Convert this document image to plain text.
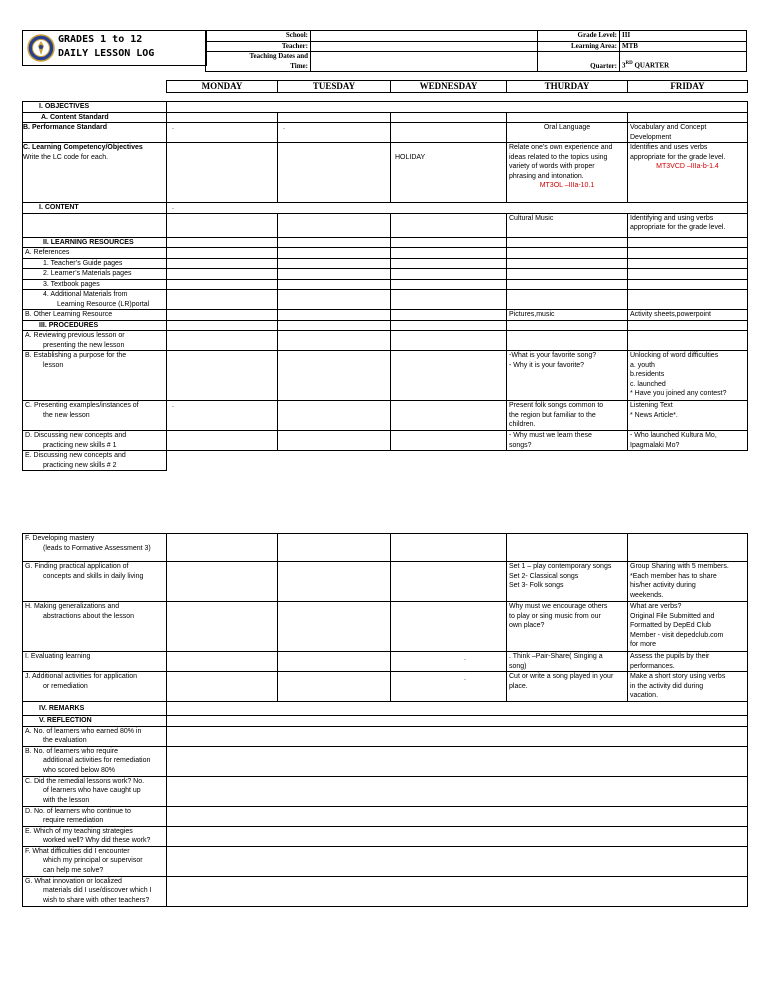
GRADES 1 to 12
DAILY LESSON LOG
School:		Grade Level:	III
Teacher:		Learning Area:	MTB
Teaching Dates and
Time:		Quarter:	3RD QUARTER
MONDAY	TUESDAY	WEDNESDAY	THURDAY	FRIDAY
I. OBJECTIVES					
A. Content Standard					
B. Performance Standard	.	.		Oral Language	Vocabulary and Concept
Development
C. Learning Competency/Objectives
Write the LC code for each.			HOLIDAY	Relate one’s own experience and
ideas related to the topics using
variety of words with proper
phrasing and intonation.

MT3OL –IIIa-10.1	Identifies and uses verbs
appropriate for the grade level.

MT3VCD –IIIa-b-1.4

I. CONTENT	.				
				Cultural Music	Identifying and using verbs
appropriate for the grade level.
II. LEARNING RESOURCES					
A. References					
1. Teacher’s Guide pages					
2. Learner’s Materials pages					
3. Textbook pages					
4. Additional Materials from
Learning Resource (LR)portal					
B. Other Learning Resource				Pictures,music	Activity sheets,powerpoint
III. PROCEDURES					
A. Reviewing previous lesson or
presenting the new lesson					
B. Establishing a purpose for the
lesson				-What is your favorite song?
- Why it is your favorite?	Unlocking of word difficulties
a. youth
b.residents
c. launched
* Have you joined any contest?
C. Presenting examples/instances of
the new lesson	.			Present folk songs common to
the region but familiar to the
children.	Listening Text
* News Article*.
D. Discussing new concepts and
practicing new skills # 1				- Why must we learn these
songs?	- Who launched Kultura Mo,
Ipagmalaki Mo?
E. Discussing new concepts and
practicing new skills # 2					
F. Developing mastery
(leads to Formative Assessment 3)					
G. Finding practical application of
concepts and skills in daily living				Set 1 – play contemporary songs
Set 2- Classical songs
Set 3- Folk songs	Group Sharing with 5 members.
*Each member has to share
his/her activity during
weekends.
H. Making generalizations and
abstractions about the lesson				Why must we encourage others
to play or sing music from our
own place?	What are verbs?
Original File Submitted and
Formatted by DepEd Club
Member - visit depedclub.com
for more
I. Evaluating learning			.	. Think –Pair-Share( Singing a
song)	Assess the pupils by their
performances.
J. Additional activities for application
or remediation			.	Cut or write a song played in your
place.	Make a short story using verbs
in the activity did during
vacation.
IV. REMARKS					
V. REFLECTION					
A. No. of learners who earned 80% in
the evaluation					
B. No. of learners who require
additional activities for remediation
who scored below 80%					
C. Did the remedial lessons work? No.
of learners who have caught up
with the lesson					
D. No. of learners who continue to
require remediation					
E. Which of my teaching strategies
worked well? Why did these work?					
F. What difficulties did I encounter
which my principal or supervisor
can help me solve?					
G. What innovation or localized
materials did I use/discover which I
wish to share with other teachers?					
